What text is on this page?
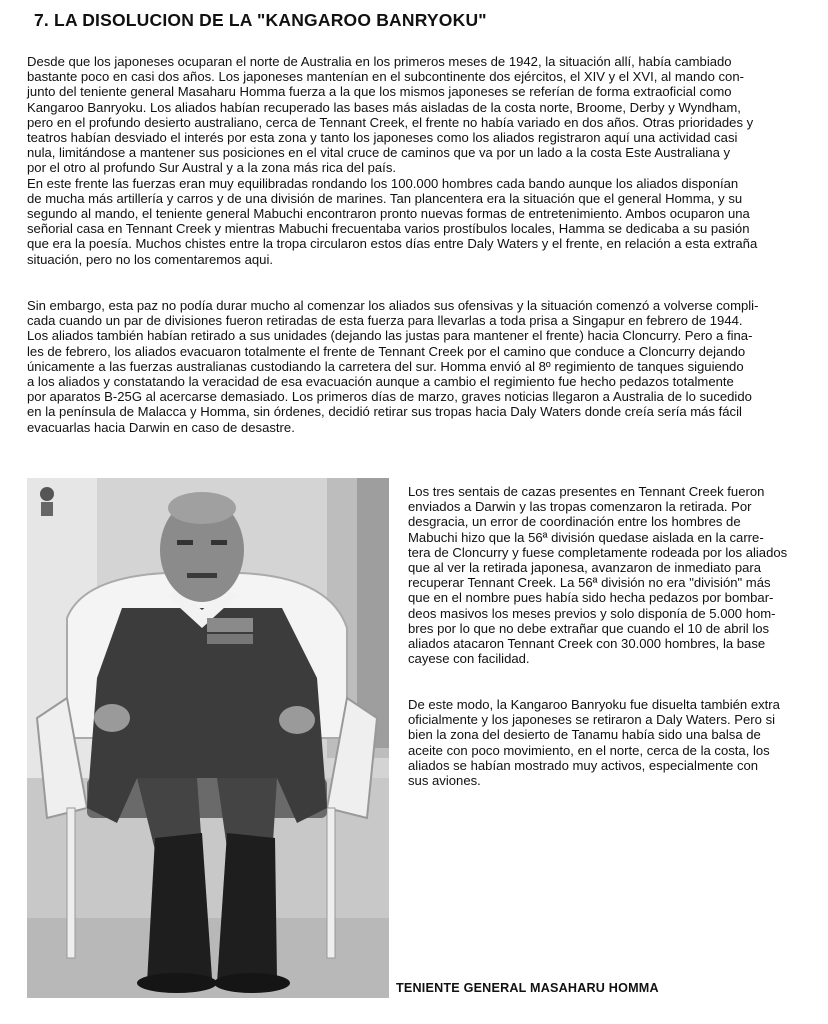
7. LA DISOLUCION DE LA "KANGAROO BANRYOKU"

Desde que los japoneses ocuparan el norte de Australia en los primeros meses de 1942, la situación allí, había cambiado
bastante poco en casi dos años. Los japoneses mantenían en el subcontinente dos ejércitos, el XIV y el XVI, al mando con-
junto del teniente general Masaharu Homma fuerza a la que los mismos japoneses se referían de forma extraoficial como
Kangaroo Banryoku. Los aliados habían recuperado las bases más aisladas de la costa norte, Broome, Derby y Wyndham,
pero en el profundo desierto australiano, cerca de Tennant Creek, el frente no había variado en dos años. Otras prioridades y
teatros habían desviado el interés por esta zona y tanto los japoneses como los aliados registraron aquí una actividad casi
nula, limitándose a mantener sus posiciones en el vital cruce de caminos que va por un lado a la costa Este Australiana y
por el otro al profundo Sur Austral y a la zona más rica del país.
En este frente las fuerzas eran muy equilibradas rondando los 100.000 hombres cada bando aunque los aliados disponían
de mucha más artillería y carros y de una división de marines. Tan plancentera era la situación que el general Homma, y su
segundo al mando, el teniente general Mabuchi encontraron pronto nuevas formas de entretenimiento. Ambos ocuparon una
señorial casa en Tennant Creek y mientras Mabuchi frecuentaba varios prostíbulos locales, Hamma se dedicaba a su pasión
que era la poesía. Muchos chistes entre la tropa circularon estos días entre Daly Waters y el frente, en relación a esta extraña
situación, pero no los comentaremos aqui.

Sin embargo, esta paz no podía durar mucho al comenzar los aliados sus ofensivas y la situación comenzó a volverse compli-
cada cuando un par de divisiones fueron retiradas de esta fuerza para llevarlas a toda prisa a Singapur en febrero de 1944.
Los aliados también habían retirado a sus unidades (dejando las justas para mantener el frente) hacia Cloncurry. Pero a fina-
les de febrero, los aliados evacuaron totalmente el frente de Tennant Creek por el camino que conduce a Cloncurry dejando
únicamente a las fuerzas australianas custodiando la carretera del sur. Homma envió al 8º regimiento de tanques siguiendo
a los aliados y constatando la veracidad de esa evacuación aunque a cambio el regimiento fue hecho pedazos totalmente
por aparatos B-25G al acercarse demasiado. Los primeros días de marzo, graves noticias llegaron a Australia de lo sucedido
en la península de Malacca y Homma, sin órdenes, decidió retirar sus tropas hacia Daly Waters donde creía sería más fácil
evacuarlas hacia Darwin en caso de desastre.

Los tres sentais de cazas presentes en Tennant Creek fueron
enviados a Darwin y las tropas comenzaron la retirada. Por
desgracia, un error de coordinación entre los hombres de
Mabuchi hizo que la 56ª división quedase aislada en la carre-
tera de Cloncurry y fuese completamente rodeada por los aliados
que al ver la retirada japonesa, avanzaron de inmediato para
recuperar Tennant Creek. La 56ª división no era "división" más
que en el nombre pues había sido hecha pedazos por bombar-
deos masivos los meses previos y solo disponía de 5.000 hom-
bres por lo que no debe extrañar que cuando el 10 de abril los
aliados atacaron Tennant Creek con 30.000 hombres, la base
cayese con facilidad.

De este modo, la Kangaroo Banryoku fue disuelta también extra
oficialmente y los japoneses se retiraron a Daly Waters. Pero si
bien la zona del desierto de Tanamu había sido una balsa de
aceite con poco movimiento, en el norte, cerca de la costa, los
aliados se habían mostrado muy activos, especialmente con
sus aviones.

TENIENTE GENERAL MASAHARU HOMMA
